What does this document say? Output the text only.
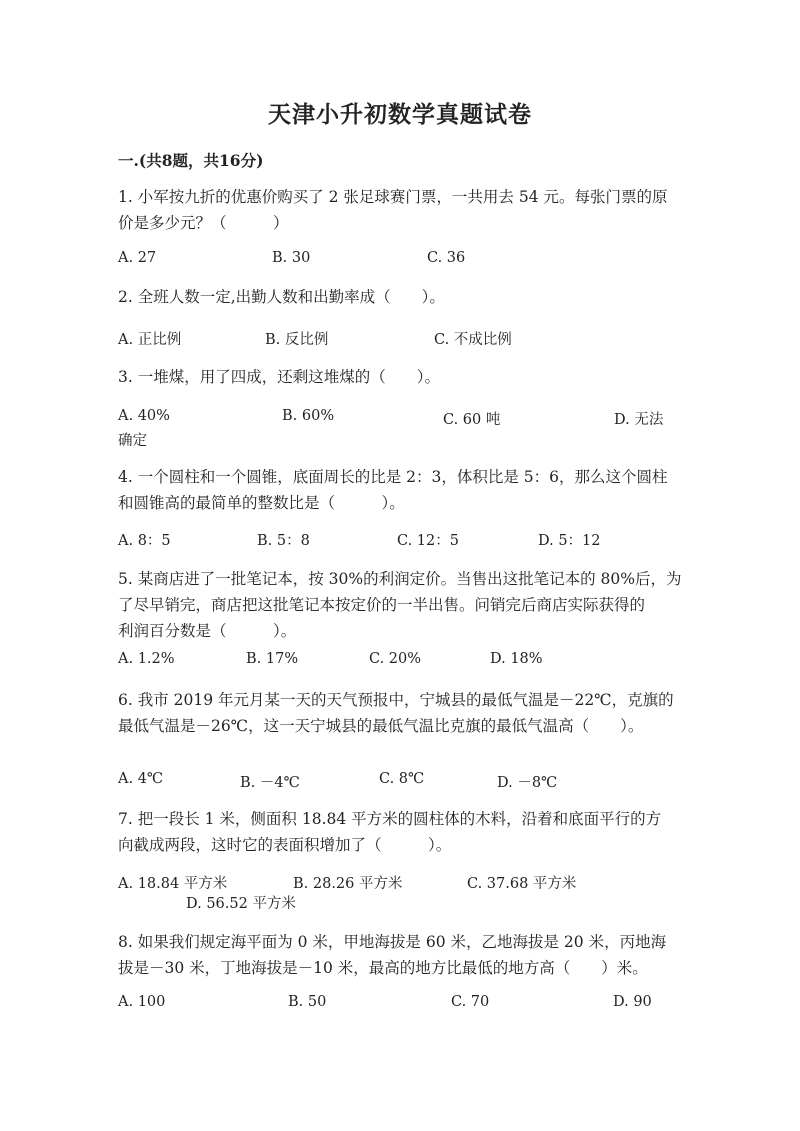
天津小升初数学真题试卷
一.(共8题，共16分)
1. 小军按九折的优惠价购买了 2 张足球赛门票，一共用去 54 元。每张门票的原
价是多少元？（　　　）
A. 27	B. 30	C. 36
2. 全班人数一定,出勤人数和出勤率成（　　）。
A. 正比例	B. 反比例	C. 不成比例
3. 一堆煤，用了四成，还剩这堆煤的（　　）。
A. 40%	B. 60%	C. 60 吨	D. 无法
确定
4. 一个圆柱和一个圆锥，底面周长的比是 2：3，体积比是 5：6，那么这个圆柱
和圆锥高的最简单的整数比是（　　　）。
A. 8：5	B. 5：8	C. 12：5	D. 5：12
5. 某商店进了一批笔记本，按 30%的利润定价。当售出这批笔记本的 80%后，为
了尽早销完，商店把这批笔记本按定价的一半出售。问销完后商店实际获得的
利润百分数是（　　　）。
A. 1.2%	B. 17%	C. 20%	D. 18%
6. 我市 2019 年元月某一天的天气预报中，宁城县的最低气温是－22℃，克旗的
最低气温是－26℃，这一天宁城县的最低气温比克旗的最低气温高（　　）。
A. 4℃	B. －4℃	C. 8℃	D. －8℃
7. 把一段长 1 米，侧面积 18.84 平方米的圆柱体的木料，沿着和底面平行的方
向截成两段，这时它的表面积增加了（　　　）。
A. 18.84 平方米	B. 28.26 平方米	C. 37.68 平方米
D. 56.52 平方米
8. 如果我们规定海平面为 0 米，甲地海拔是 60 米，乙地海拔是 20 米，丙地海
拔是－30 米，丁地海拔是－10 米，最高的地方比最低的地方高（　　）米。
A. 100	B. 50	C. 70	D. 90
